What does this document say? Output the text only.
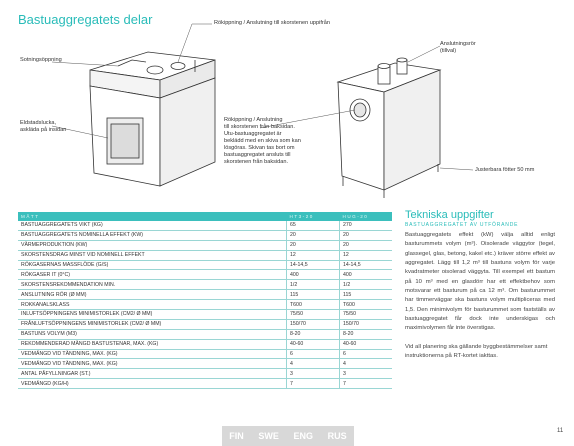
Bastuaggregatets delar	Rökippning / Anslutning till skorstenen uppifrån
Sotningsöppning
Eldstadslucka,
askläda på insidan
Anslutningsrör
(tillval)
Rökippning / Anslutning
till skorstenen från baksidan.
Utu-bastuaggregatet är
beklädd med en skiva som kan
lösgöras. Skivan tas bort om
bastuaggregatet ansluts till
skorstenen från baksidan.
Justerbara fötter 50 mm
MÅTT	HT3-20	HUG-20
BASTUAGGREGATETS VIKT (KG)	65	270
BASTUAGGREGATETS NOMINELLA EFFEKT (KW)	20	20
VÄRMEPRODUKTION (KW)	20	20
SKORSTENSDRAG MINST VID NOMINELL EFFEKT	12	12
RÖKGASERNAS MASSFLÖDE (G/S)	14-14,5	14-14,5
RÖKGASER IT (0°C)	400	400
SKORSTENSREKOMMENDATION MIN.	1/2	1/2
ANSLUTNING RÖR (Ø MM)	115	115
ROKKANALSKLASS	T600	T600
INLUFTSÖPPNINGENS MINIMISTORLEK (CM2/ Ø MM)	75/50	75/50
FRÅNLUFTSÖPPNINGENS MINIMISTORLEK (CM2/ Ø MM)	150/70	150/70
BASTUNS VOLYM (M3)	8-20	8-20
REKOMMENDERAD MÄNGD BASTUSTENAR, MAX. (KG)	40-60	40-60
VEDMÄNGD VID TÄNDNING, MAX. (KG)	6	6
VEDMÄNGD VID TÄNDNING, MAX. (KG)	4	4
ANTAL PÅFYLLNINGAR (ST.)	3	3
VEDMÄNGD (KG/H)	7	7
Tekniska uppgifter
BASTUAGGREGATET AV UTFÖRANDE

Bastuaggregatets effekt (kW) välja alltid enligt basturummets volym (m³). Oisolerade väggytor (tegel, glassegel, glas, betong, kakel etc.) kräver större effekt av aggregatet. Lägg till 1,2 m³ till bastuns volym för varje kvadratmeter oisolerad väggyta. Till exempel ett bastum på 10 m³ med en glasdörr har ett effektbehov som motsvarar ett basturum på ca 12 m³. Om basturummet har timmerväggar ska bastuns volym multipliceras med 1,5. Den minimivolym för basturummet som fastställs av bastuaggregatet får dock inte underskigas och maximivolymen får inte överstigas.

Vid all planering ska gällande byggbestämmelser samt instruktionerna på RT-kortet iakttas.

FIN SWE ENG RUS	11
